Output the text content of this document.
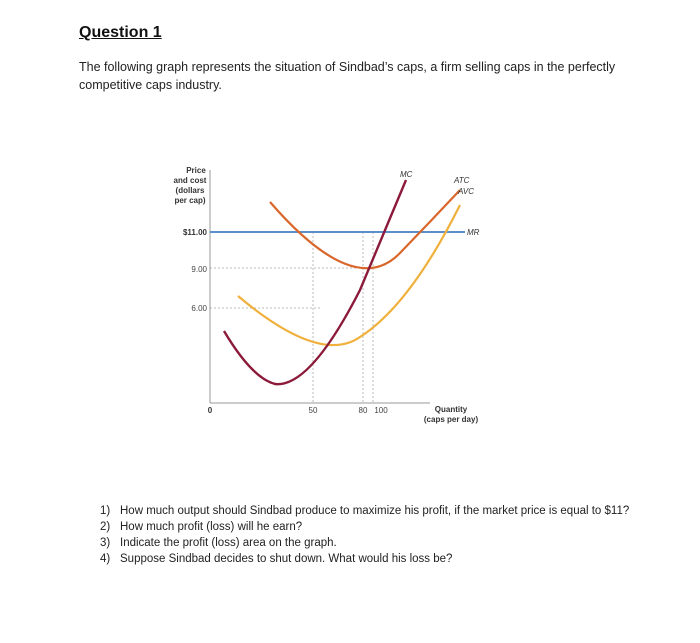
Question 1

The following graph represents the situation of Sindbad’s caps, a firm selling caps in the perfectly competitive caps industry.

Price
and cost
(dollars
per cap)
$11.00
9.00
6.00
MC
ATC
AVC
MR
0	50	80 100	Quantity
(caps per day)
1) How much output should Sindbad produce to maximize his profit, if the market price is equal to $11?
2) How much profit (loss) will he earn?
3) Indicate the profit (loss) area on the graph.
4) Suppose Sindbad decides to shut down. What would his loss be?
